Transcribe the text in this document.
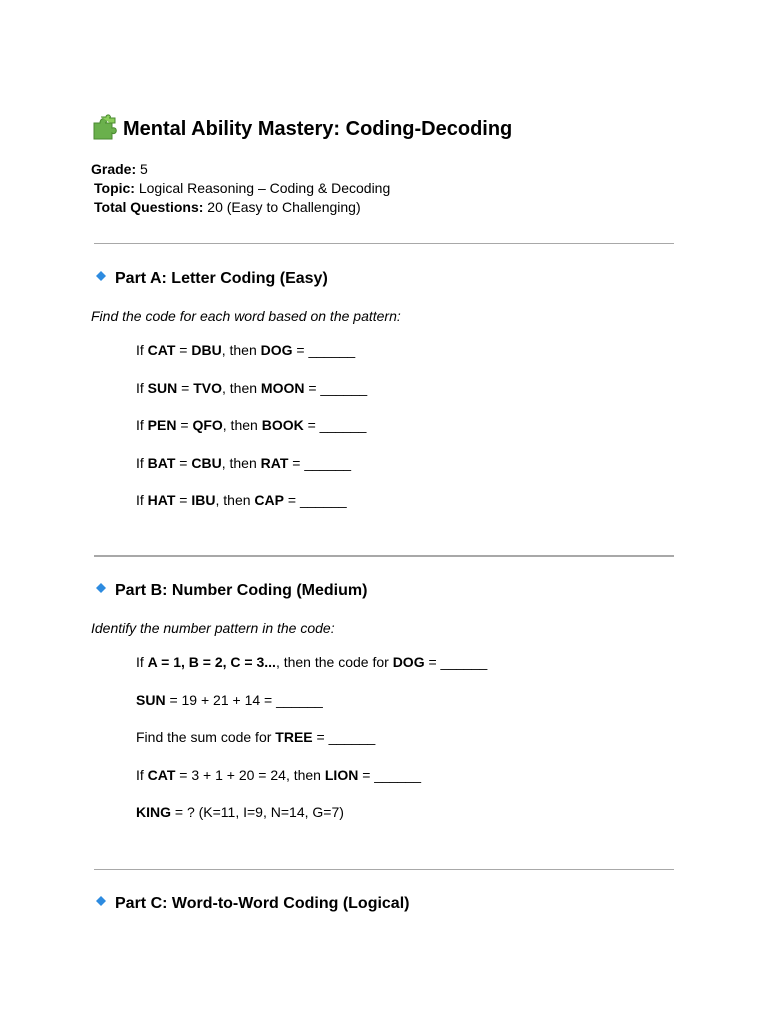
Mental Ability Mastery: Coding-Decoding
Grade: 5
Topic: Logical Reasoning – Coding & Decoding
Total Questions: 20 (Easy to Challenging)
Part A: Letter Coding (Easy)
Find the code for each word based on the pattern:
If CAT = DBU, then DOG = ______
If SUN = TVO, then MOON = ______
If PEN = QFO, then BOOK = ______
If BAT = CBU, then RAT = ______
If HAT = IBU, then CAP = ______
Part B: Number Coding (Medium)
Identify the number pattern in the code:
If A = 1, B = 2, C = 3..., then the code for DOG = ______
SUN = 19 + 21 + 14 = ______
Find the sum code for TREE = ______
If CAT = 3 + 1 + 20 = 24, then LION = ______
KING = ? (K=11, I=9, N=14, G=7)
Part C: Word-to-Word Coding (Logical)
